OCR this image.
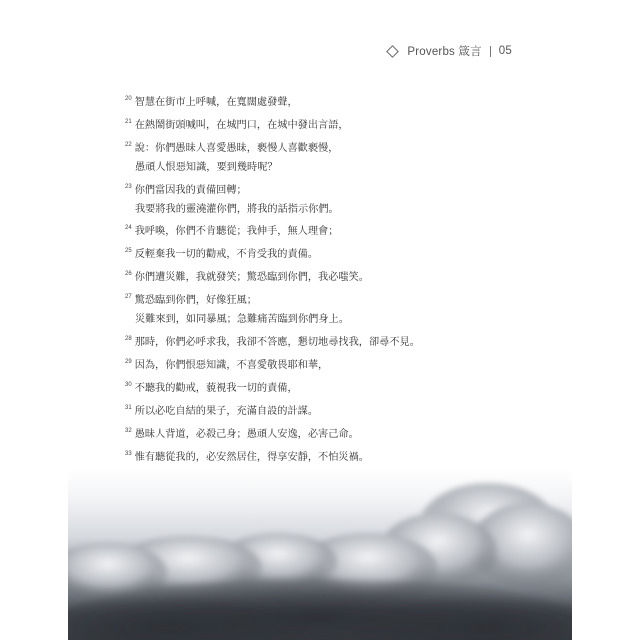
Proverbs 箴言 05
$^{20}$ 智慧在街市上呼喊，在寬闊處發聲，
$^{21}$ 在熱鬧街頭喊叫，在城門口，在城中發出言語，
$^{22}$ 說：你們愚昧人喜愛愚昧，褻慢人喜歡褻慢，
愚頑人恨惡知識，要到幾時呢？
$^{23}$ 你們當因我的責備回轉；
我要將我的靈澆灌你們，將我的話指示你們。
$^{24}$ 我呼喚，你們不肯聽從；我伸手，無人理會；
$^{25}$ 反輕棄我一切的勸戒，不肯受我的責備。
$^{26}$ 你們遭災難，我就發笑；驚恐臨到你們，我必嗤笑。
$^{27}$ 驚恐臨到你們，好像狂風；
災難來到，如同暴風；急難痛苦臨到你們身上。
$^{28}$ 那時，你們必呼求我，我卻不答應，懇切地尋找我，卻尋不見。
$^{29}$ 因為，你們恨惡知識，不喜愛敬畏耶和華，
$^{30}$ 不聽我的勸戒，藐視我一切的責備，
$^{31}$ 所以必吃自結的果子，充滿自設的計謀。
$^{32}$ 愚昧人背道，必殺己身；愚頑人安逸，必害己命。
$^{33}$ 惟有聽從我的，必安然居住，得享安靜，不怕災禍。
